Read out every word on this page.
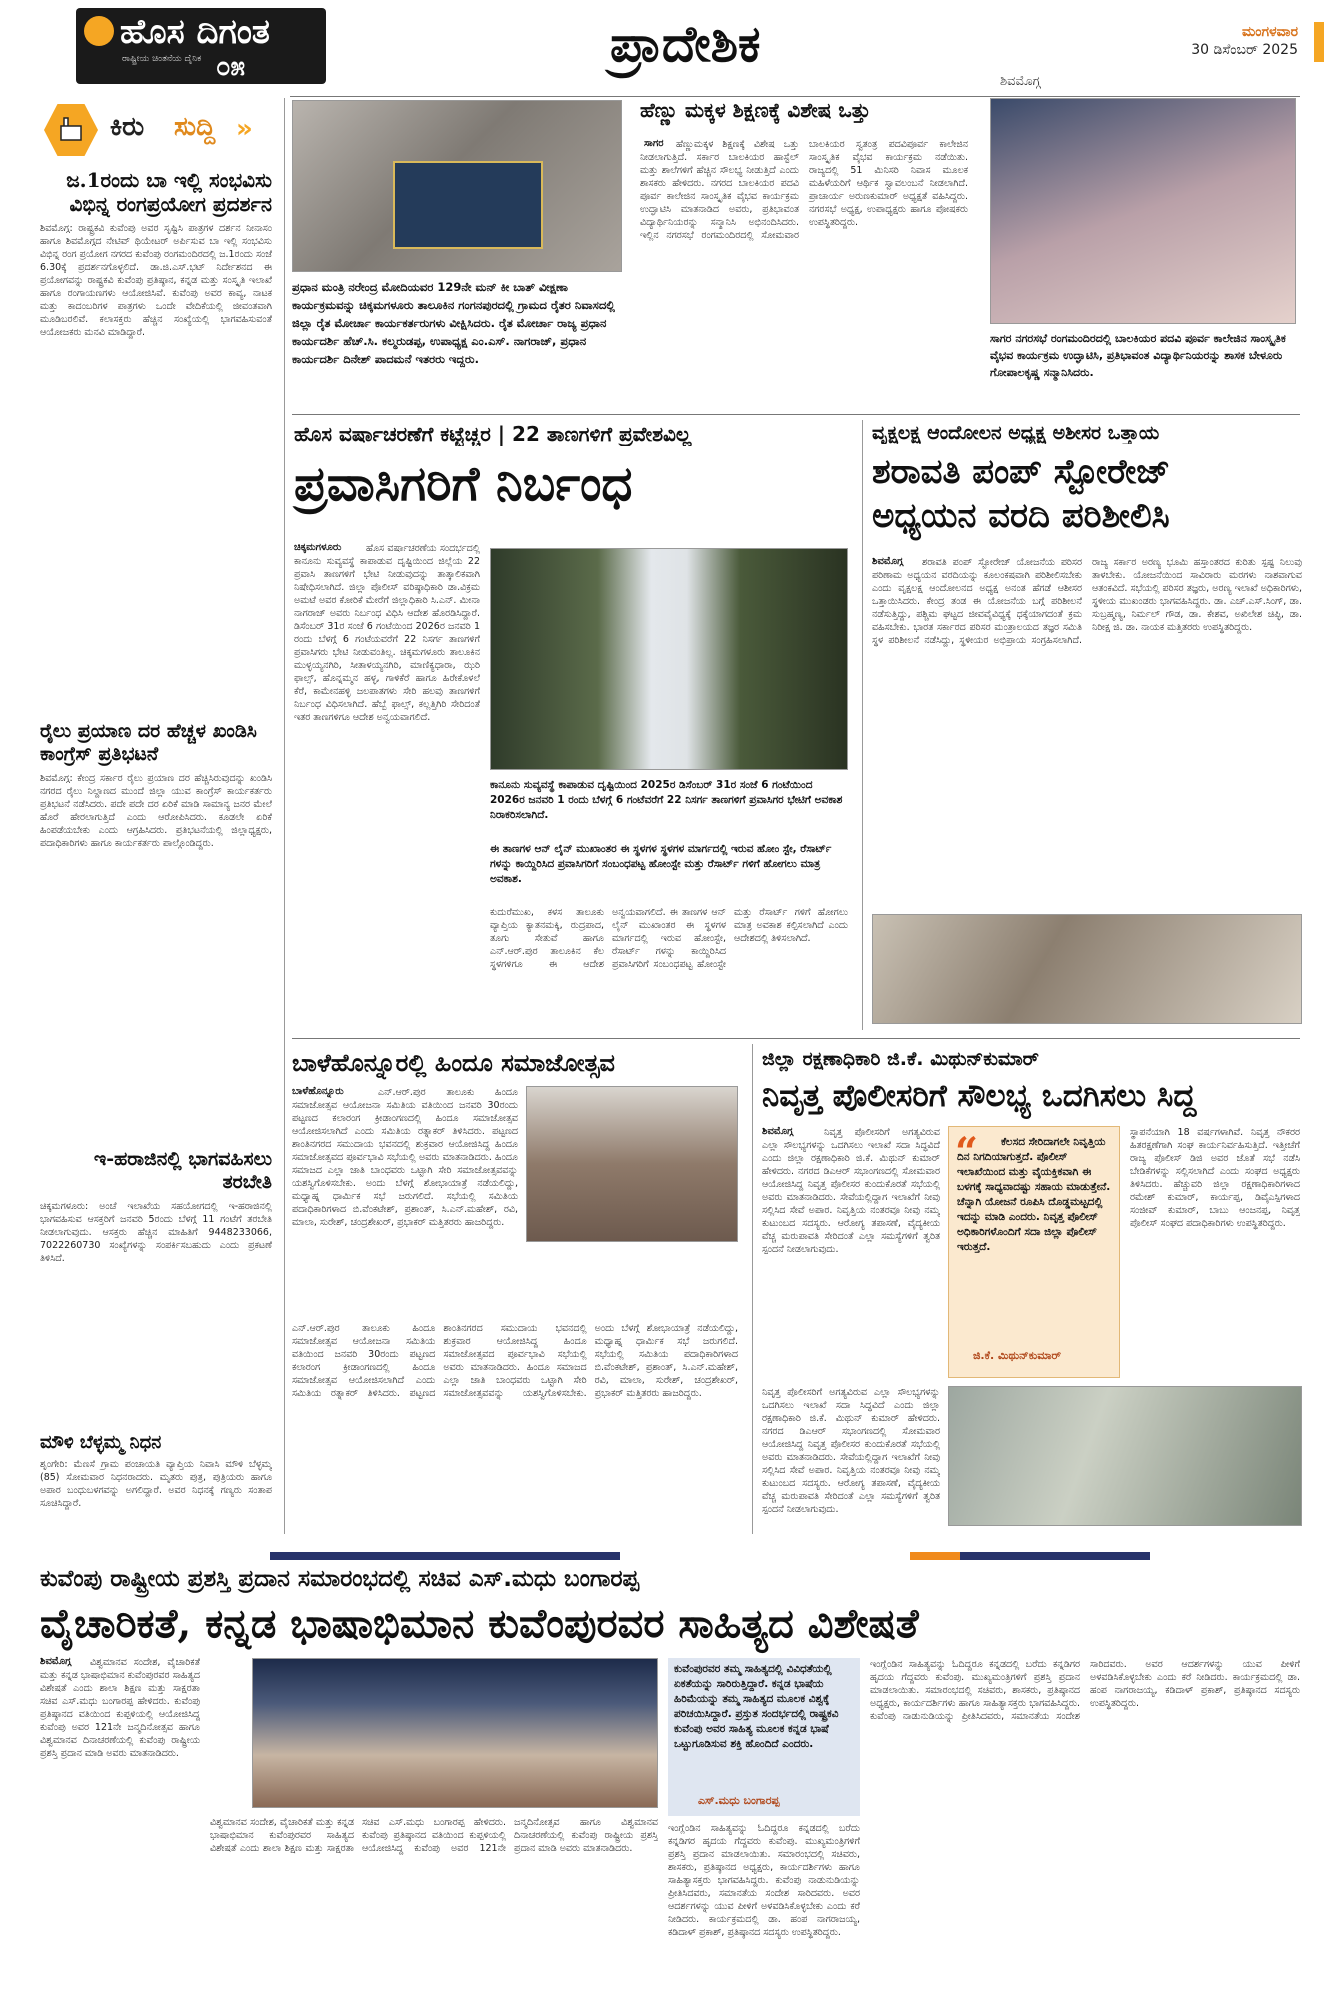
ಹೊಸ ದಿಗಂತ
ರಾಷ್ಟ್ರೀಯ ಚಿಂತನೆಯ ದೈನಿಕ ೦೫	ಪ್ರಾದೇಶಿಕ	ಮಂಗಳವಾರ
30 ಡಿಸೆಂಬರ್ 2025
ಶಿವಮೊಗ್ಗ
ಕಿರು ಸುದ್ದಿ »
ಜ.1ರಂದು ಬಾ ಇಲ್ಲಿ ಸಂಭವಿಸು ವಿಭಿನ್ನ ರಂಗಪ್ರಯೋಗ ಪ್ರದರ್ಶನ
ಶಿವಮೊಗ್ಗ: ರಾಷ್ಟ್ರಕವಿ ಕುವೆಂಪು ಅವರ ಸೃಷ್ಟಿಸಿ ಪಾತ್ರಗಳ ದರ್ಶನ ನೀನಾಸಂ ಹಾಗೂ ಶಿವಮೊಗ್ಗದ ನೇಟಿವ್ ಥಿಯೇಟರ್ ಅರ್ಪಿಸುವ ಬಾ ಇಲ್ಲಿ ಸಂಭವಿಸು ವಿಭಿನ್ನ ರಂಗ ಪ್ರಯೋಗ ನಗರದ ಕುವೆಂಪು ರಂಗಮಂದಿರದಲ್ಲಿ ಜ.1ರಂದು ಸಂಜೆ 6.30ಕ್ಕೆ ಪ್ರದರ್ಶನಗೊಳ್ಳಲಿದೆ. ಡಾ.ಜಿ.ಎಸ್.ಭಟ್ ನಿರ್ದೇಶನದ ಈ ಪ್ರಯೋಗವನ್ನು ರಾಷ್ಟ್ರಕವಿ ಕುವೆಂಪು ಪ್ರತಿಷ್ಠಾನ, ಕನ್ನಡ ಮತ್ತು ಸಂಸ್ಕೃತಿ ಇಲಾಖೆ ಹಾಗೂ ರಂಗಾಯಣಗಳು ಆಯೋಜಿಸಿವೆ. ಕುವೆಂಪು ಅವರ ಕಾವ್ಯ, ನಾಟಕ ಮತ್ತು ಕಾದಂಬರಿಗಳ ಪಾತ್ರಗಳು ಒಂದೇ ವೇದಿಕೆಯಲ್ಲಿ ಜೀವಂತವಾಗಿ ಮೂಡಿಬರಲಿವೆ. ಕಲಾಸಕ್ತರು ಹೆಚ್ಚಿನ ಸಂಖ್ಯೆಯಲ್ಲಿ ಭಾಗವಹಿಸುವಂತೆ ಆಯೋಜಕರು ಮನವಿ ಮಾಡಿದ್ದಾರೆ.
ರೈಲು ಪ್ರಯಾಣ ದರ ಹೆಚ್ಚಳ ಖಂಡಿಸಿ ಕಾಂಗ್ರೆಸ್ ಪ್ರತಿಭಟನೆ
ಶಿವಮೊಗ್ಗ: ಕೇಂದ್ರ ಸರ್ಕಾರ ರೈಲು ಪ್ರಯಾಣ ದರ ಹೆಚ್ಚಿಸಿರುವುದನ್ನು ಖಂಡಿಸಿ ನಗರದ ರೈಲು ನಿಲ್ದಾಣದ ಮುಂದೆ ಜಿಲ್ಲಾ ಯುವ ಕಾಂಗ್ರೆಸ್ ಕಾರ್ಯಕರ್ತರು ಪ್ರತಿಭಟನೆ ನಡೆಸಿದರು. ಪದೇ ಪದೇ ದರ ಏರಿಕೆ ಮಾಡಿ ಸಾಮಾನ್ಯ ಜನರ ಮೇಲೆ ಹೊರೆ ಹೇರಲಾಗುತ್ತಿದೆ ಎಂದು ಆರೋಪಿಸಿದರು. ಕೂಡಲೇ ಏರಿಕೆ ಹಿಂಪಡೆಯಬೇಕು ಎಂದು ಆಗ್ರಹಿಸಿದರು. ಪ್ರತಿಭಟನೆಯಲ್ಲಿ ಜಿಲ್ಲಾಧ್ಯಕ್ಷರು, ಪದಾಧಿಕಾರಿಗಳು ಹಾಗೂ ಕಾರ್ಯಕರ್ತರು ಪಾಲ್ಗೊಂಡಿದ್ದರು.
ಇ-ಹರಾಜಿನಲ್ಲಿ ಭಾಗವಹಿಸಲು ತರಬೇತಿ
ಚಿಕ್ಕಮಗಳೂರು: ಅಂಚೆ ಇಲಾಖೆಯ ಸಹಯೋಗದಲ್ಲಿ ಇ-ಹರಾಜಿನಲ್ಲಿ ಭಾಗವಹಿಸುವ ಆಸಕ್ತರಿಗೆ ಜನವರಿ 5ರಂದು ಬೆಳಗ್ಗೆ 11 ಗಂಟೆಗೆ ತರಬೇತಿ ನೀಡಲಾಗುವುದು. ಆಸಕ್ತರು ಹೆಚ್ಚಿನ ಮಾಹಿತಿಗೆ 9448233066, 7022260730 ಸಂಖ್ಯೆಗಳನ್ನು ಸಂಪರ್ಕಿಸಬಹುದು ಎಂದು ಪ್ರಕಟಣೆ ತಿಳಿಸಿದೆ.
ಮೌಳಿ ಬೆಳ್ಳಮ್ಮ ನಿಧನ
ಶೃಂಗೇರಿ: ಮೆಣಸೆ ಗ್ರಾಮ ಪಂಚಾಯತಿ ವ್ಯಾಪ್ತಿಯ ನಿವಾಸಿ ಮೌಳಿ ಬೆಳ್ಳಮ್ಮ (85) ಸೋಮವಾರ ನಿಧನರಾದರು. ಮೃತರು ಪುತ್ರ, ಪುತ್ರಿಯರು ಹಾಗೂ ಅಪಾರ ಬಂಧುಬಳಗವನ್ನು ಅಗಲಿದ್ದಾರೆ. ಅವರ ನಿಧನಕ್ಕೆ ಗಣ್ಯರು ಸಂತಾಪ ಸೂಚಿಸಿದ್ದಾರೆ.
ಪ್ರಧಾನ ಮಂತ್ರಿ ನರೇಂದ್ರ ಮೋದಿಯವರ 129ನೇ ಮನ್ ಕೀ ಬಾತ್ ವೀಕ್ಷಣಾ ಕಾರ್ಯಕ್ರಮವನ್ನು ಚಿಕ್ಕಮಗಳೂರು ತಾಲೂಕಿನ ಗಂಗನಪುರದಲ್ಲಿ ಗ್ರಾಮದ ರೈತರ ನಿವಾಸದಲ್ಲಿ ಜಿಲ್ಲಾ ರೈತ ಮೋರ್ಚಾ ಕಾರ್ಯಕರ್ತರುಗಳು ವೀಕ್ಷಿಸಿದರು. ರೈತ ಮೋರ್ಚಾ ರಾಜ್ಯ ಪ್ರಧಾನ ಕಾರ್ಯದರ್ಶಿ ಹೆಚ್.ಸಿ. ಕಲ್ಮರುಡಪ್ಪ, ಉಪಾಧ್ಯಕ್ಷ ಎಂ.ಎಸ್. ನಾಗರಾಜ್, ಪ್ರಧಾನ ಕಾರ್ಯದರ್ಶಿ ದಿನೇಶ್ ಪಾದಮನೆ ಇತರರು ಇದ್ದರು.
ಹೆಣ್ಣು ಮಕ್ಕಳ ಶಿಕ್ಷಣಕ್ಕೆ ವಿಶೇಷ ಒತ್ತು
ಸಾಗರ	ಹೆಣ್ಣುಮಕ್ಕಳ ಶಿಕ್ಷಣಕ್ಕೆ ವಿಶೇಷ ಒತ್ತು ನೀಡಲಾಗುತ್ತಿದೆ. ಸರ್ಕಾರ ಬಾಲಕಿಯರ ಹಾಸ್ಟೆಲ್ ಮತ್ತು ಶಾಲೆಗಳಿಗೆ ಹೆಚ್ಚಿನ ಸೌಲಭ್ಯ ನೀಡುತ್ತಿದೆ ಎಂದು ಶಾಸಕರು ಹೇಳಿದರು. ನಗರದ ಬಾಲಕಿಯರ ಪದವಿ ಪೂರ್ವ ಕಾಲೇಜಿನ ಸಾಂಸ್ಕೃತಿಕ ವೈಭವ ಕಾರ್ಯಕ್ರಮ ಉದ್ಘಾಟಿಸಿ ಮಾತನಾಡಿದ ಅವರು, ಪ್ರತಿಭಾವಂತ ವಿದ್ಯಾರ್ಥಿನಿಯರನ್ನು ಸನ್ಮಾನಿಸಿ ಅಭಿನಂದಿಸಿದರು. ಇಲ್ಲಿನ ನಗರಸಭೆ ರಂಗಮಂದಿರದಲ್ಲಿ ಸೋಮವಾರ ಬಾಲಕಿಯರ ಸ್ವತಂತ್ರ ಪದವಿಪೂರ್ವ ಕಾಲೇಜಿನ ಸಾಂಸ್ಕೃತಿಕ ವೈಭವ ಕಾರ್ಯಕ್ರಮ ನಡೆಯಿತು. ರಾಜ್ಯದಲ್ಲಿ 51 ಮಿನಿಸರಿ ನಿವಾಸ ಮೂಲಕ ಮಹಿಳೆಯರಿಗೆ ಆರ್ಥಿಕ ಸ್ವಾವಲಂಬನೆ ನೀಡಲಾಗಿದೆ. ಪ್ರಾಚಾರ್ಯ ಅರುಣಕುಮಾರ್ ಅಧ್ಯಕ್ಷತೆ ವಹಿಸಿದ್ದರು. ನಗರಸಭೆ ಅಧ್ಯಕ್ಷ, ಉಪಾಧ್ಯಕ್ಷರು ಹಾಗೂ ಪೋಷಕರು ಉಪಸ್ಥಿತರಿದ್ದರು.
ಸಾಗರ ನಗರಸಭೆ ರಂಗಮಂದಿರದಲ್ಲಿ ಬಾಲಕಿಯರ ಪದವಿ ಪೂರ್ವ ಕಾಲೇಜಿನ ಸಾಂಸ್ಕೃತಿಕ ವೈಭವ ಕಾರ್ಯಕ್ರಮ ಉದ್ಘಾಟಿಸಿ, ಪ್ರತಿಭಾವಂತ ವಿದ್ಯಾರ್ಥಿನಿಯರನ್ನು ಶಾಸಕ ಬೇಳೂರು ಗೋಪಾಲಕೃಷ್ಣ ಸನ್ಮಾನಿಸಿದರು.
ಹೊಸ ವರ್ಷಾಚರಣೆಗೆ ಕಟ್ಟೆಚ್ಚರ | 22 ತಾಣಗಳಿಗೆ ಪ್ರವೇಶವಿಲ್ಲ
ಪ್ರವಾಸಿಗರಿಗೆ ನಿರ್ಬಂಧ
ಚಿಕ್ಕಮಗಳೂರು	ಹೊಸ ವರ್ಷಾಚರಣೆಯ ಸಂದರ್ಭದಲ್ಲಿ ಕಾನೂನು ಸುವ್ಯವಸ್ಥೆ ಕಾಪಾಡುವ ದೃಷ್ಟಿಯಿಂದ ಜಿಲ್ಲೆಯ 22 ಪ್ರವಾಸಿ ತಾಣಗಳಿಗೆ ಭೇಟಿ ನೀಡುವುದನ್ನು ತಾತ್ಕಾಲಿಕವಾಗಿ ನಿಷೇಧಿಸಲಾಗಿದೆ. ಜಿಲ್ಲಾ ಪೊಲೀಸ್ ವರಿಷ್ಠಾಧಿಕಾರಿ ಡಾ.ವಿಕ್ರಮ ಅಮಟೆ ಅವರ ಕೋರಿಕೆ ಮೇರೆಗೆ ಜಿಲ್ಲಾಧಿಕಾರಿ ಸಿ.ಎನ್. ಮೀನಾ ನಾಗರಾಜ್ ಅವರು ನಿರ್ಬಂಧ ವಿಧಿಸಿ ಆದೇಶ ಹೊರಡಿಸಿದ್ದಾರೆ. ಡಿಸೆಂಬರ್ 31ರ ಸಂಜೆ 6 ಗಂಟೆಯಿಂದ 2026ರ ಜನವರಿ 1 ರಂದು ಬೆಳಗ್ಗೆ 6 ಗಂಟೆಯವರೆಗೆ 22 ನಿಸರ್ಗ ತಾಣಗಳಿಗೆ ಪ್ರವಾಸಿಗರು ಭೇಟಿ ನೀಡುವಂತಿಲ್ಲ. ಚಿಕ್ಕಮಗಳೂರು ತಾಲೂಕಿನ ಮುಳ್ಳಯ್ಯನಗಿರಿ, ಸೀತಾಳಯ್ಯನಗಿರಿ, ಮಾಣಿಕ್ಯಧಾರಾ, ಝರಿ ಫಾಲ್ಸ್, ಹೊನ್ನಮ್ಮನ ಹಳ್ಳ, ಗಾಳಿಕೆರೆ ಹಾಗೂ ಹಿರೇಕೊಳಲೆ ಕೆರೆ, ಕಾಮೇನಹಳ್ಳಿ ಜಲಪಾತಗಳು ಸೇರಿ ಹಲವು ತಾಣಗಳಿಗೆ ನಿರ್ಬಂಧ ವಿಧಿಸಲಾಗಿದೆ. ಹೆಬ್ಬೆ ಫಾಲ್ಸ್, ಕಲ್ಲತ್ತಿಗಿರಿ ಸೇರಿದಂತೆ ಇತರ ತಾಣಗಳಿಗೂ ಆದೇಶ ಅನ್ವಯವಾಗಲಿದೆ.
ಕಾನೂನು ಸುವ್ಯವಸ್ಥೆ ಕಾಪಾಡುವ ದೃಷ್ಟಿಯಿಂದ 2025ರ ಡಿಸೆಂಬರ್ 31ರ ಸಂಜೆ 6 ಗಂಟೆಯಿಂದ 2026ರ ಜನವರಿ 1 ರಂದು ಬೆಳಗ್ಗೆ 6 ಗಂಟೆವರೆಗೆ 22 ನಿಸರ್ಗ ತಾಣಗಳಿಗೆ ಪ್ರವಾಸಿಗರ ಭೇಟಿಗೆ ಅವಕಾಶ ನಿರಾಕರಿಸಲಾಗಿದೆ.
ಈ ತಾಣಗಳ ಆನ್ ಲೈನ್ ಮುಖಾಂತರ ಈ ಸ್ಥಳಗಳ ಸ್ಥಳಗಳ ಮಾರ್ಗದಲ್ಲಿ ಇರುವ ಹೋಂ ಸ್ಟೇ, ರೆಸಾರ್ಟ್ ಗಳನ್ನು ಕಾಯ್ದಿರಿಸಿದ ಪ್ರವಾಸಿಗರಿಗೆ ಸಂಬಂಧಪಟ್ಟ ಹೋಂಸ್ಟೇ ಮತ್ತು ರೆಸಾರ್ಟ್ ಗಳಿಗೆ ಹೋಗಲು ಮಾತ್ರ ಅವಕಾಶ.
ಕುದುರೆಮುಖ, ಕಳಸ ತಾಲೂಕು ವ್ಯಾಪ್ತಿಯ ಕ್ಯಾತನಮಕ್ಕಿ, ರುದ್ರಪಾದ, ತೂಗು ಸೇತುವೆ ಹಾಗೂ ಎನ್.ಆರ್.ಪುರ ತಾಲೂಕಿನ ಕೆಲ ಸ್ಥಳಗಳಿಗೂ ಈ ಆದೇಶ ಅನ್ವಯವಾಗಲಿದೆ. ಈ ತಾಣಗಳ ಆನ್ ಲೈನ್ ಮುಖಾಂತರ ಈ ಸ್ಥಳಗಳ ಮಾರ್ಗದಲ್ಲಿ ಇರುವ ಹೋಂಸ್ಟೇ, ರೆಸಾರ್ಟ್ ಗಳನ್ನು ಕಾಯ್ದಿರಿಸಿದ ಪ್ರವಾಸಿಗರಿಗೆ ಸಂಬಂಧಪಟ್ಟ ಹೋಂಸ್ಟೇ ಮತ್ತು ರೆಸಾರ್ಟ್ ಗಳಿಗೆ ಹೋಗಲು ಮಾತ್ರ ಅವಕಾಶ ಕಲ್ಪಿಸಲಾಗಿದೆ ಎಂದು ಆದೇಶದಲ್ಲಿ ತಿಳಿಸಲಾಗಿದೆ.
ವೃಕ್ಷಲಕ್ಷ ಆಂದೋಲನ ಅಧ್ಯಕ್ಷ ಅಶೀಸರ ಒತ್ತಾಯ
ಶರಾವತಿ ಪಂಪ್ ಸ್ಟೋರೇಜ್
ಅಧ್ಯಯನ ವರದಿ ಪರಿಶೀಲಿಸಿ
ಶಿವಮೊಗ್ಗ	ಶರಾವತಿ ಪಂಪ್ ಸ್ಟೋರೇಜ್ ಯೋಜನೆಯ ಪರಿಸರ ಪರಿಣಾಮ ಅಧ್ಯಯನ ವರದಿಯನ್ನು ಕೂಲಂಕಷವಾಗಿ ಪರಿಶೀಲಿಸಬೇಕು ಎಂದು ವೃಕ್ಷಲಕ್ಷ ಆಂದೋಲನದ ಅಧ್ಯಕ್ಷ ಅನಂತ ಹೆಗಡೆ ಆಶೀಸರ ಒತ್ತಾಯಿಸಿದರು. ಕೇಂದ್ರ ತಂಡ ಈ ಯೋಜನೆಯ ಬಗ್ಗೆ ಪರಿಶೀಲನೆ ನಡೆಸುತ್ತಿದ್ದು, ಪಶ್ಚಿಮ ಘಟ್ಟದ ಜೀವವೈವಿಧ್ಯಕ್ಕೆ ಧಕ್ಕೆಯಾಗದಂತೆ ಕ್ರಮ ವಹಿಸಬೇಕು. ಭಾರತ ಸರ್ಕಾರದ ಪರಿಸರ ಮಂತ್ರಾಲಯದ ತಜ್ಞರ ಸಮಿತಿ ಸ್ಥಳ ಪರಿಶೀಲನೆ ನಡೆಸಿದ್ದು, ಸ್ಥಳೀಯರ ಅಭಿಪ್ರಾಯ ಸಂಗ್ರಹಿಸಲಾಗಿದೆ. ರಾಜ್ಯ ಸರ್ಕಾರ ಅರಣ್ಯ ಭೂಮಿ ಹಸ್ತಾಂತರದ ಕುರಿತು ಸ್ಪಷ್ಟ ನಿಲುವು ತಾಳಬೇಕು. ಯೋಜನೆಯಿಂದ ಸಾವಿರಾರು ಮರಗಳು ನಾಶವಾಗುವ ಆತಂಕವಿದೆ. ಸಭೆಯಲ್ಲಿ ಪರಿಸರ ತಜ್ಞರು, ಅರಣ್ಯ ಇಲಾಖೆ ಅಧಿಕಾರಿಗಳು, ಸ್ಥಳೀಯ ಮುಖಂಡರು ಭಾಗವಹಿಸಿದ್ದರು. ಡಾ. ಎಚ್.ಎಸ್.ಸಿಂಗ್, ಡಾ. ಸುಬ್ರಹ್ಮಣ್ಯ, ನಿರ್ಮಲ್ ಗೌಡ, ಡಾ. ಕೇಶವ, ಅಖಿಲೇಶ ಚಿಪ್ಳಿ, ಡಾ. ನಿರೀಕ್ಷ ಜಿ. ಡಾ. ನಾಯಕ ಮತ್ತಿತರರು ಉಪಸ್ಥಿತರಿದ್ದರು.
ಬಾಳೆಹೊನ್ನೂರಲ್ಲಿ ಹಿಂದೂ ಸಮಾಜೋತ್ಸವ
ಬಾಳೆಹೊನ್ನೂರು	ಎನ್.ಆರ್.ಪುರ ತಾಲೂಕು ಹಿಂದೂ ಸಮಾಜೋತ್ಸವ ಆಯೋಜನಾ ಸಮಿತಿಯ ವತಿಯಿಂದ ಜನವರಿ 30ರಂದು ಪಟ್ಟಣದ ಕಲಾರಂಗ ಕ್ರೀಡಾಂಗಣದಲ್ಲಿ ಹಿಂದೂ ಸಮಾಜೋತ್ಸವ ಆಯೋಜಿಸಲಾಗಿದೆ ಎಂದು ಸಮಿತಿಯ ರತ್ನಾಕರ್ ತಿಳಿಸಿದರು. ಪಟ್ಟಣದ ಶಾಂತಿನಗರದ ಸಮುದಾಯ ಭವನದಲ್ಲಿ ಶುಕ್ರವಾರ ಆಯೋಜಿಸಿದ್ದ ಹಿಂದೂ ಸಮಾಜೋತ್ಸವದ ಪೂರ್ವಭಾವಿ ಸಭೆಯಲ್ಲಿ ಅವರು ಮಾತನಾಡಿದರು. ಹಿಂದೂ ಸಮಾಜದ ಎಲ್ಲಾ ಜಾತಿ ಬಾಂಧವರು ಒಟ್ಟಾಗಿ ಸೇರಿ ಸಮಾಜೋತ್ಸವವನ್ನು ಯಶಸ್ವಿಗೊಳಿಸಬೇಕು. ಅಂದು ಬೆಳಗ್ಗೆ ಶೋಭಾಯಾತ್ರೆ ನಡೆಯಲಿದ್ದು, ಮಧ್ಯಾಹ್ನ ಧಾರ್ಮಿಕ ಸಭೆ ಜರುಗಲಿದೆ. ಸಭೆಯಲ್ಲಿ ಸಮಿತಿಯ ಪದಾಧಿಕಾರಿಗಳಾದ ಬಿ.ವೆಂಕಟೇಶ್, ಪ್ರಶಾಂತ್, ಸಿ.ಎನ್.ಮಹೇಶ್, ರವಿ, ಮಾಲಾ, ಸುರೇಶ್, ಚಂದ್ರಶೇಖರ್, ಪ್ರಭಾಕರ್ ಮತ್ತಿತರರು ಹಾಜರಿದ್ದರು.
ಎನ್.ಆರ್.ಪುರ ತಾಲೂಕು ಹಿಂದೂ ಸಮಾಜೋತ್ಸವ ಆಯೋಜನಾ ಸಮಿತಿಯ ವತಿಯಿಂದ ಜನವರಿ 30ರಂದು ಪಟ್ಟಣದ ಕಲಾರಂಗ ಕ್ರೀಡಾಂಗಣದಲ್ಲಿ ಹಿಂದೂ ಸಮಾಜೋತ್ಸವ ಆಯೋಜಿಸಲಾಗಿದೆ ಎಂದು ಸಮಿತಿಯ ರತ್ನಾಕರ್ ತಿಳಿಸಿದರು. ಪಟ್ಟಣದ ಶಾಂತಿನಗರದ ಸಮುದಾಯ ಭವನದಲ್ಲಿ ಶುಕ್ರವಾರ ಆಯೋಜಿಸಿದ್ದ ಹಿಂದೂ ಸಮಾಜೋತ್ಸವದ ಪೂರ್ವಭಾವಿ ಸಭೆಯಲ್ಲಿ ಅವರು ಮಾತನಾಡಿದರು. ಹಿಂದೂ ಸಮಾಜದ ಎಲ್ಲಾ ಜಾತಿ ಬಾಂಧವರು ಒಟ್ಟಾಗಿ ಸೇರಿ ಸಮಾಜೋತ್ಸವವನ್ನು ಯಶಸ್ವಿಗೊಳಿಸಬೇಕು. ಅಂದು ಬೆಳಗ್ಗೆ ಶೋಭಾಯಾತ್ರೆ ನಡೆಯಲಿದ್ದು, ಮಧ್ಯಾಹ್ನ ಧಾರ್ಮಿಕ ಸಭೆ ಜರುಗಲಿದೆ. ಸಭೆಯಲ್ಲಿ ಸಮಿತಿಯ ಪದಾಧಿಕಾರಿಗಳಾದ ಬಿ.ವೆಂಕಟೇಶ್, ಪ್ರಶಾಂತ್, ಸಿ.ಎನ್.ಮಹೇಶ್, ರವಿ, ಮಾಲಾ, ಸುರೇಶ್, ಚಂದ್ರಶೇಖರ್, ಪ್ರಭಾಕರ್ ಮತ್ತಿತರರು ಹಾಜರಿದ್ದರು.
ಜಿಲ್ಲಾ ರಕ್ಷಣಾಧಿಕಾರಿ ಜಿ.ಕೆ. ಮಿಥುನ್‌ಕುಮಾರ್
ನಿವೃತ್ತ ಪೊಲೀಸರಿಗೆ ಸೌಲಭ್ಯ ಒದಗಿಸಲು ಸಿದ್ದ
ಶಿವಮೊಗ್ಗ	ನಿವೃತ್ತ ಪೊಲೀಸರಿಗೆ ಅಗತ್ಯವಿರುವ ಎಲ್ಲಾ ಸೌಲಭ್ಯಗಳನ್ನು ಒದಗಿಸಲು ಇಲಾಖೆ ಸದಾ ಸಿದ್ಧವಿದೆ ಎಂದು ಜಿಲ್ಲಾ ರಕ್ಷಣಾಧಿಕಾರಿ ಜಿ.ಕೆ. ಮಿಥುನ್ ಕುಮಾರ್ ಹೇಳಿದರು. ನಗರದ ಡಿಎಆರ್ ಸಭಾಂಗಣದಲ್ಲಿ ಸೋಮವಾರ ಆಯೋಜಿಸಿದ್ದ ನಿವೃತ್ತ ಪೊಲೀಸರ ಕುಂದುಕೊರತೆ ಸಭೆಯಲ್ಲಿ ಅವರು ಮಾತನಾಡಿದರು. ಸೇವೆಯಲ್ಲಿದ್ದಾಗ ಇಲಾಖೆಗೆ ನೀವು ಸಲ್ಲಿಸಿದ ಸೇವೆ ಅಪಾರ. ನಿವೃತ್ತಿಯ ನಂತರವೂ ನೀವು ನಮ್ಮ ಕುಟುಂಬದ ಸದಸ್ಯರು. ಆರೋಗ್ಯ ತಪಾಸಣೆ, ವೈದ್ಯಕೀಯ ವೆಚ್ಚ ಮರುಪಾವತಿ ಸೇರಿದಂತೆ ಎಲ್ಲಾ ಸಮಸ್ಯೆಗಳಿಗೆ ತ್ವರಿತ ಸ್ಪಂದನೆ ನೀಡಲಾಗುವುದು.
“	ಕೆಲಸದ ಸೇರಿದಾಗಲೇ ನಿವೃತ್ತಿಯ ದಿನ ನಿಗದಿಯಾಗುತ್ತದೆ. ಪೊಲೀಸ್ ಇಲಾಖೆಯಿಂದ ಮತ್ತು ವೈಯಕ್ತಿಕವಾಗಿ ಈ ಬಳಗಕ್ಕೆ ಸಾಧ್ಯವಾದಷ್ಟು ಸಹಾಯ ಮಾಡುತ್ತೇನೆ. ಚೆನ್ನಾಗಿ ಯೋಜನೆ ರೂಪಿಸಿ ದೊಡ್ಡಮಟ್ಟದಲ್ಲಿ ಇದನ್ನು ಮಾಡಿ ಎಂದರು. ನಿವೃತ್ತ ಪೊಲೀಸ್ ಅಧಿಕಾರಿಗಳೊಂದಿಗೆ ಸದಾ ಜಿಲ್ಲಾ ಪೊಲೀಸ್ ಇರುತ್ತದೆ.
ಜಿ.ಕೆ. ಮಿಥುನ್‌ಕುಮಾರ್
ಸ್ಥಾಪನೆಯಾಗಿ 18 ವರ್ಷಗಳಾಗಿವೆ. ನಿವೃತ್ತ ನೌಕರರ ಹಿತರಕ್ಷಣೆಗಾಗಿ ಸಂಘ ಕಾರ್ಯನಿರ್ವಹಿಸುತ್ತಿದೆ. ಇತ್ತೀಚೆಗೆ ರಾಜ್ಯ ಪೊಲೀಸ್ ಡಿಜಿ ಅವರ ಜೊತೆ ಸಭೆ ನಡೆಸಿ ಬೇಡಿಕೆಗಳನ್ನು ಸಲ್ಲಿಸಲಾಗಿದೆ ಎಂದು ಸಂಘದ ಅಧ್ಯಕ್ಷರು ತಿಳಿಸಿದರು. ಹೆಚ್ಚುವರಿ ಜಿಲ್ಲಾ ರಕ್ಷಣಾಧಿಕಾರಿಗಳಾದ ರಮೇಶ್ ಕುಮಾರ್, ಕಾರ್ಯಪ್ಪ, ಡಿವೈಎಸ್ಪಿಗಳಾದ ಸಂಜೀವ್ ಕುಮಾರ್, ಬಾಬು ಆಂಜನಪ್ಪ, ನಿವೃತ್ತ ಪೊಲೀಸ್ ಸಂಘದ ಪದಾಧಿಕಾರಿಗಳು ಉಪಸ್ಥಿತರಿದ್ದರು.
ನಿವೃತ್ತ ಪೊಲೀಸರಿಗೆ ಅಗತ್ಯವಿರುವ ಎಲ್ಲಾ ಸೌಲಭ್ಯಗಳನ್ನು ಒದಗಿಸಲು ಇಲಾಖೆ ಸದಾ ಸಿದ್ಧವಿದೆ ಎಂದು ಜಿಲ್ಲಾ ರಕ್ಷಣಾಧಿಕಾರಿ ಜಿ.ಕೆ. ಮಿಥುನ್ ಕುಮಾರ್ ಹೇಳಿದರು. ನಗರದ ಡಿಎಆರ್ ಸಭಾಂಗಣದಲ್ಲಿ ಸೋಮವಾರ ಆಯೋಜಿಸಿದ್ದ ನಿವೃತ್ತ ಪೊಲೀಸರ ಕುಂದುಕೊರತೆ ಸಭೆಯಲ್ಲಿ ಅವರು ಮಾತನಾಡಿದರು. ಸೇವೆಯಲ್ಲಿದ್ದಾಗ ಇಲಾಖೆಗೆ ನೀವು ಸಲ್ಲಿಸಿದ ಸೇವೆ ಅಪಾರ. ನಿವೃತ್ತಿಯ ನಂತರವೂ ನೀವು ನಮ್ಮ ಕುಟುಂಬದ ಸದಸ್ಯರು. ಆರೋಗ್ಯ ತಪಾಸಣೆ, ವೈದ್ಯಕೀಯ ವೆಚ್ಚ ಮರುಪಾವತಿ ಸೇರಿದಂತೆ ಎಲ್ಲಾ ಸಮಸ್ಯೆಗಳಿಗೆ ತ್ವರಿತ ಸ್ಪಂದನೆ ನೀಡಲಾಗುವುದು.
ಕುವೆಂಪು ರಾಷ್ಟ್ರೀಯ ಪ್ರಶಸ್ತಿ ಪ್ರದಾನ ಸಮಾರಂಭದಲ್ಲಿ ಸಚಿವ ಎಸ್.ಮಧು ಬಂಗಾರಪ್ಪ
ವೈಚಾರಿಕತೆ, ಕನ್ನಡ ಭಾಷಾಭಿಮಾನ ಕುವೆಂಪುರವರ ಸಾಹಿತ್ಯದ ವಿಶೇಷತೆ
ಶಿವಮೊಗ್ಗ	ವಿಶ್ವಮಾನವ ಸಂದೇಶ, ವೈಚಾರಿಕತೆ ಮತ್ತು ಕನ್ನಡ ಭಾಷಾಭಿಮಾನ ಕುವೆಂಪುರವರ ಸಾಹಿತ್ಯದ ವಿಶೇಷತೆ ಎಂದು ಶಾಲಾ ಶಿಕ್ಷಣ ಮತ್ತು ಸಾಕ್ಷರತಾ ಸಚಿವ ಎಸ್.ಮಧು ಬಂಗಾರಪ್ಪ ಹೇಳಿದರು. ಕುವೆಂಪು ಪ್ರತಿಷ್ಠಾನದ ವತಿಯಿಂದ ಕುಪ್ಪಳಿಯಲ್ಲಿ ಆಯೋಜಿಸಿದ್ದ ಕುವೆಂಪು ಅವರ 121ನೇ ಜನ್ಮದಿನೋತ್ಸವ ಹಾಗೂ ವಿಶ್ವಮಾನವ ದಿನಾಚರಣೆಯಲ್ಲಿ ಕುವೆಂಪು ರಾಷ್ಟ್ರೀಯ ಪ್ರಶಸ್ತಿ ಪ್ರದಾನ ಮಾಡಿ ಅವರು ಮಾತನಾಡಿದರು.
ವಿಶ್ವಮಾನವ ಸಂದೇಶ, ವೈಚಾರಿಕತೆ ಮತ್ತು ಕನ್ನಡ ಭಾಷಾಭಿಮಾನ ಕುವೆಂಪುರವರ ಸಾಹಿತ್ಯದ ವಿಶೇಷತೆ ಎಂದು ಶಾಲಾ ಶಿಕ್ಷಣ ಮತ್ತು ಸಾಕ್ಷರತಾ ಸಚಿವ ಎಸ್.ಮಧು ಬಂಗಾರಪ್ಪ ಹೇಳಿದರು. ಕುವೆಂಪು ಪ್ರತಿಷ್ಠಾನದ ವತಿಯಿಂದ ಕುಪ್ಪಳಿಯಲ್ಲಿ ಆಯೋಜಿಸಿದ್ದ ಕುವೆಂಪು ಅವರ 121ನೇ ಜನ್ಮದಿನೋತ್ಸವ ಹಾಗೂ ವಿಶ್ವಮಾನವ ದಿನಾಚರಣೆಯಲ್ಲಿ ಕುವೆಂಪು ರಾಷ್ಟ್ರೀಯ ಪ್ರಶಸ್ತಿ ಪ್ರದಾನ ಮಾಡಿ ಅವರು ಮಾತನಾಡಿದರು.
ಕುವೆಂಪುರವರ ತಮ್ಮ ಸಾಹಿತ್ಯದಲ್ಲಿ ವಿವಿಧತೆಯಲ್ಲಿ ಏಕತೆಯನ್ನು ಸಾರಿರುತ್ತಿದ್ದಾರೆ. ಕನ್ನಡ ಭಾಷೆಯ ಹಿರಿಮೆಯನ್ನು ತಮ್ಮ ಸಾಹಿತ್ಯದ ಮೂಲಕ ವಿಶ್ವಕ್ಕೆ ಪರಿಚಯಿಸಿದ್ದಾರೆ. ಪ್ರಸ್ತುತ ಸಂದರ್ಭದಲ್ಲಿ ರಾಷ್ಟ್ರಕವಿ ಕುವೆಂಪು ಅವರ ಸಾಹಿತ್ಯ ಮೂಲಕ ಕನ್ನಡ ಭಾಷೆ ಒಟ್ಟುಗೂಡಿಸುವ ಶಕ್ತಿ ಹೊಂದಿದೆ ಎಂದರು.
ಎಸ್.ಮಧು ಬಂಗಾರಪ್ಪ
ಇಂಗ್ಲೆಂಡಿನ ಸಾಹಿತ್ಯವನ್ನು ಓದಿದ್ದರೂ ಕನ್ನಡದಲ್ಲಿ ಬರೆದು ಕನ್ನಡಿಗರ ಹೃದಯ ಗೆದ್ದವರು ಕುವೆಂಪು. ಮುಖ್ಯಮಂತ್ರಿಗಳಿಗೆ ಪ್ರಶಸ್ತಿ ಪ್ರದಾನ ಮಾಡಲಾಯಿತು. ಸಮಾರಂಭದಲ್ಲಿ ಸಚಿವರು, ಶಾಸಕರು, ಪ್ರತಿಷ್ಠಾನದ ಅಧ್ಯಕ್ಷರು, ಕಾರ್ಯದರ್ಶಿಗಳು ಹಾಗೂ ಸಾಹಿತ್ಯಾಸಕ್ತರು ಭಾಗವಹಿಸಿದ್ದರು. ಕುವೆಂಪು ನಾಡುನುಡಿಯನ್ನು ಪ್ರೀತಿಸಿದವರು, ಸಮಾನತೆಯ ಸಂದೇಶ ಸಾರಿದವರು. ಅವರ ಆದರ್ಶಗಳನ್ನು ಯುವ ಪೀಳಿಗೆ ಅಳವಡಿಸಿಕೊಳ್ಳಬೇಕು ಎಂದು ಕರೆ ನೀಡಿದರು. ಕಾರ್ಯಕ್ರಮದಲ್ಲಿ ಡಾ. ಹಂಪ ನಾಗರಾಜಯ್ಯ, ಕಡಿದಾಳ್ ಪ್ರಕಾಶ್, ಪ್ರತಿಷ್ಠಾನದ ಸದಸ್ಯರು ಉಪಸ್ಥಿತರಿದ್ದರು.
ಇಂಗ್ಲೆಂಡಿನ ಸಾಹಿತ್ಯವನ್ನು ಓದಿದ್ದರೂ ಕನ್ನಡದಲ್ಲಿ ಬರೆದು ಕನ್ನಡಿಗರ ಹೃದಯ ಗೆದ್ದವರು ಕುವೆಂಪು. ಮುಖ್ಯಮಂತ್ರಿಗಳಿಗೆ ಪ್ರಶಸ್ತಿ ಪ್ರದಾನ ಮಾಡಲಾಯಿತು. ಸಮಾರಂಭದಲ್ಲಿ ಸಚಿವರು, ಶಾಸಕರು, ಪ್ರತಿಷ್ಠಾನದ ಅಧ್ಯಕ್ಷರು, ಕಾರ್ಯದರ್ಶಿಗಳು ಹಾಗೂ ಸಾಹಿತ್ಯಾಸಕ್ತರು ಭಾಗವಹಿಸಿದ್ದರು. ಕುವೆಂಪು ನಾಡುನುಡಿಯನ್ನು ಪ್ರೀತಿಸಿದವರು, ಸಮಾನತೆಯ ಸಂದೇಶ ಸಾರಿದವರು. ಅವರ ಆದರ್ಶಗಳನ್ನು ಯುವ ಪೀಳಿಗೆ ಅಳವಡಿಸಿಕೊಳ್ಳಬೇಕು ಎಂದು ಕರೆ ನೀಡಿದರು. ಕಾರ್ಯಕ್ರಮದಲ್ಲಿ ಡಾ. ಹಂಪ ನಾಗರಾಜಯ್ಯ, ಕಡಿದಾಳ್ ಪ್ರಕಾಶ್, ಪ್ರತಿಷ್ಠಾನದ ಸದಸ್ಯರು ಉಪಸ್ಥಿತರಿದ್ದರು.
